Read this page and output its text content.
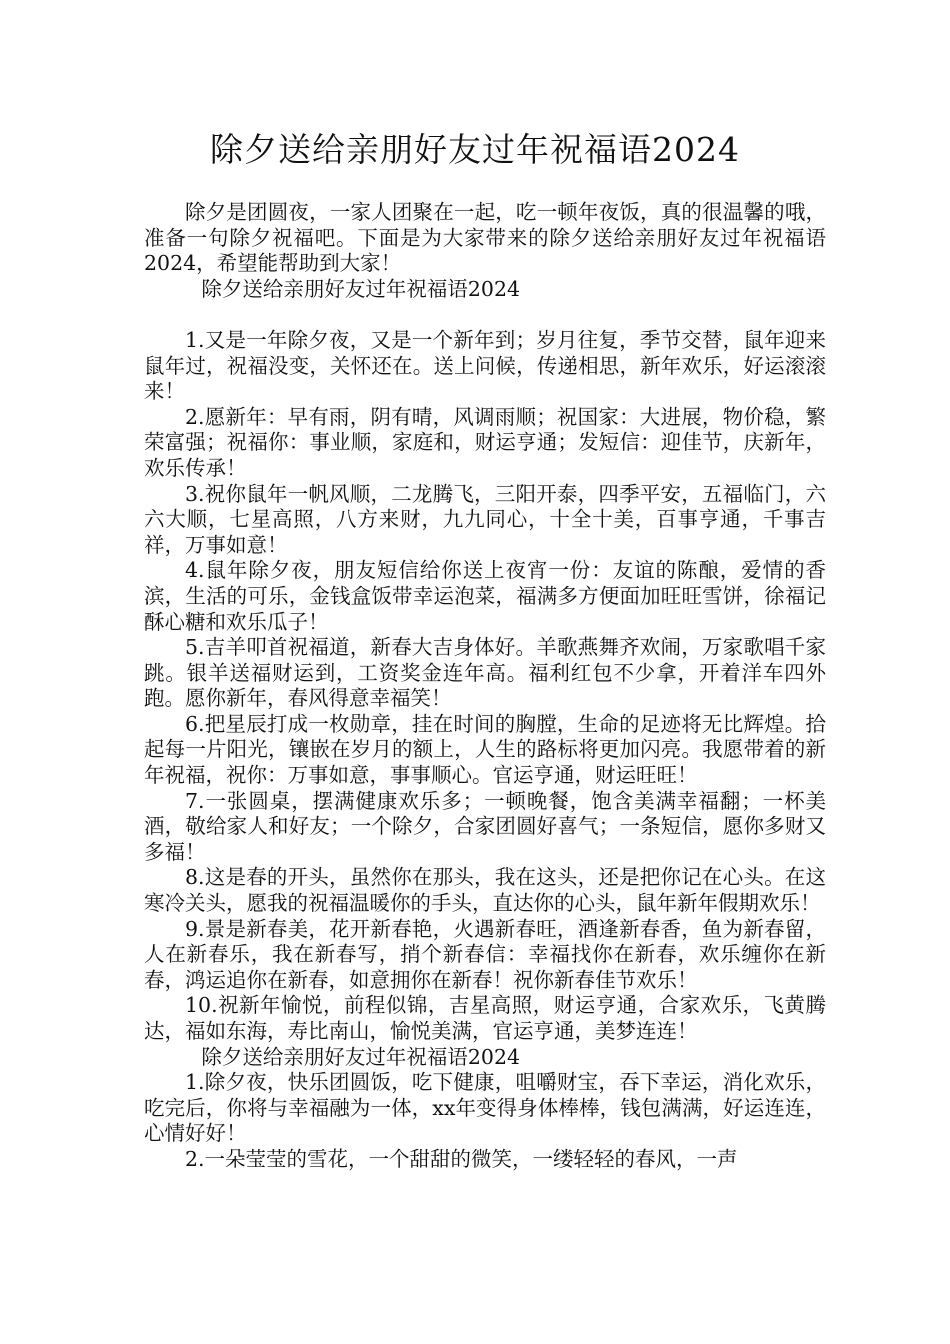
除夕送给亲朋好友过年祝福语2024

除夕是团圆夜，一家人团聚在一起，吃一顿年夜饭，真的很温馨的哦，准备一句除夕祝福吧。下面是为大家带来的除夕送给亲朋好友过年祝福语2024，希望能帮助到大家！

除夕送给亲朋好友过年祝福语2024

1.又是一年除夕夜，又是一个新年到；岁月往复，季节交替，鼠年迎来鼠年过，祝福没变，关怀还在。送上问候，传递相思，新年欢乐，好运滚滚来！

2.愿新年：早有雨，阴有晴，风调雨顺；祝国家：大进展，物价稳，繁荣富强；祝福你：事业顺，家庭和，财运亨通；发短信：迎佳节，庆新年，欢乐传承！

3.祝你鼠年一帆风顺，二龙腾飞，三阳开泰，四季平安，五福临门，六六大顺，七星高照，八方来财，九九同心，十全十美，百事亨通，千事吉祥，万事如意！

4.鼠年除夕夜，朋友短信给你送上夜宵一份：友谊的陈酿，爱情的香滨，生活的可乐，金钱盒饭带幸运泡菜，福满多方便面加旺旺雪饼，徐福记酥心糖和欢乐瓜子！

5.吉羊叩首祝福道，新春大吉身体好。羊歌燕舞齐欢闹，万家歌唱千家跳。银羊送福财运到，工资奖金连年高。福利红包不少拿，开着洋车四外跑。愿你新年，春风得意幸福笑！

6.把星辰打成一枚勋章，挂在时间的胸膛，生命的足迹将无比辉煌。拾起每一片阳光，镶嵌在岁月的额上，人生的路标将更加闪亮。我愿带着的新年祝福，祝你：万事如意，事事顺心。官运亨通，财运旺旺！

7.一张圆桌，摆满健康欢乐多；一顿晚餐，饱含美满幸福翻；一杯美酒，敬给家人和好友；一个除夕，合家团圆好喜气；一条短信，愿你多财又多福！

8.这是春的开头，虽然你在那头，我在这头，还是把你记在心头。在这寒冷关头，愿我的祝福温暖你的手头，直达你的心头，鼠年新年假期欢乐！

9.景是新春美，花开新春艳，火遇新春旺，酒逢新春香，鱼为新春留，人在新春乐，我在新春写，捎个新春信：幸福找你在新春，欢乐缠你在新春，鸿运追你在新春，如意拥你在新春！祝你新春佳节欢乐！

10.祝新年愉悦，前程似锦，吉星高照，财运亨通，合家欢乐，飞黄腾达，福如东海，寿比南山，愉悦美满，官运亨通，美梦连连！

除夕送给亲朋好友过年祝福语2024

1.除夕夜，快乐团圆饭，吃下健康，咀嚼财宝，吞下幸运，消化欢乐，吃完后，你将与幸福融为一体，xx年变得身体棒棒，钱包满满，好运连连，心情好好！

2.一朵莹莹的雪花，一个甜甜的微笑，一缕轻轻的春风，一声
